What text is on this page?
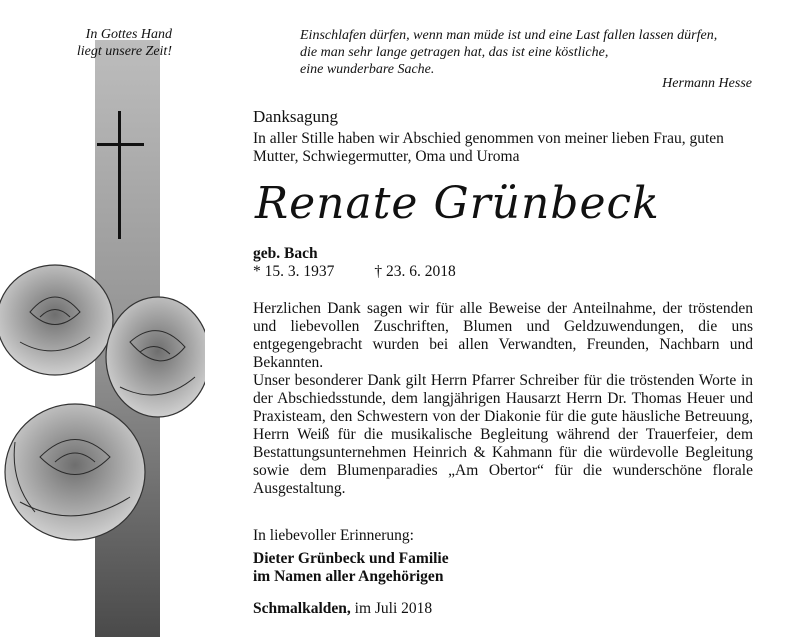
In Gottes Hand
liegt unsere Zeit!
Einschlafen dürfen, wenn man müde ist und eine Last fallen lassen dürfen,
die man sehr lange getragen hat, das ist eine köstliche,
eine wunderbare Sache.
Hermann Hesse
Danksagung
In aller Stille haben wir Abschied genommen von meiner lieben Frau, guten Mutter, Schwiegermutter, Oma und Uroma
Renate Grünbeck
geb. Bach
* 15. 3. 1937	† 23. 6. 2018

Herzlichen Dank sagen wir für alle Beweise der Anteilnahme, der tröstenden und liebevollen Zuschriften, Blumen und Geldzuwendungen, die uns entgegengebracht wurden bei allen Verwandten, Freunden, Nachbarn und Bekannten.

Unser besonderer Dank gilt Herrn Pfarrer Schreiber für die tröstenden Worte in der Abschiedsstunde, dem langjährigen Hausarzt Herrn Dr. Thomas Heuer und Praxisteam, den Schwestern von der Diakonie für die gute häusliche Betreuung, Herrn Weiß für die musikalische Begleitung während der Trauerfeier, dem Bestattungsunternehmen Heinrich & Kahmann für die würdevolle Begleitung sowie dem Blumenparadies „Am Obertor“ für die wunderschöne florale Ausgestaltung.

In liebevoller Erinnerung:
Dieter Grünbeck und Familie
im Namen aller Angehörigen
Schmalkalden, im Juli 2018
